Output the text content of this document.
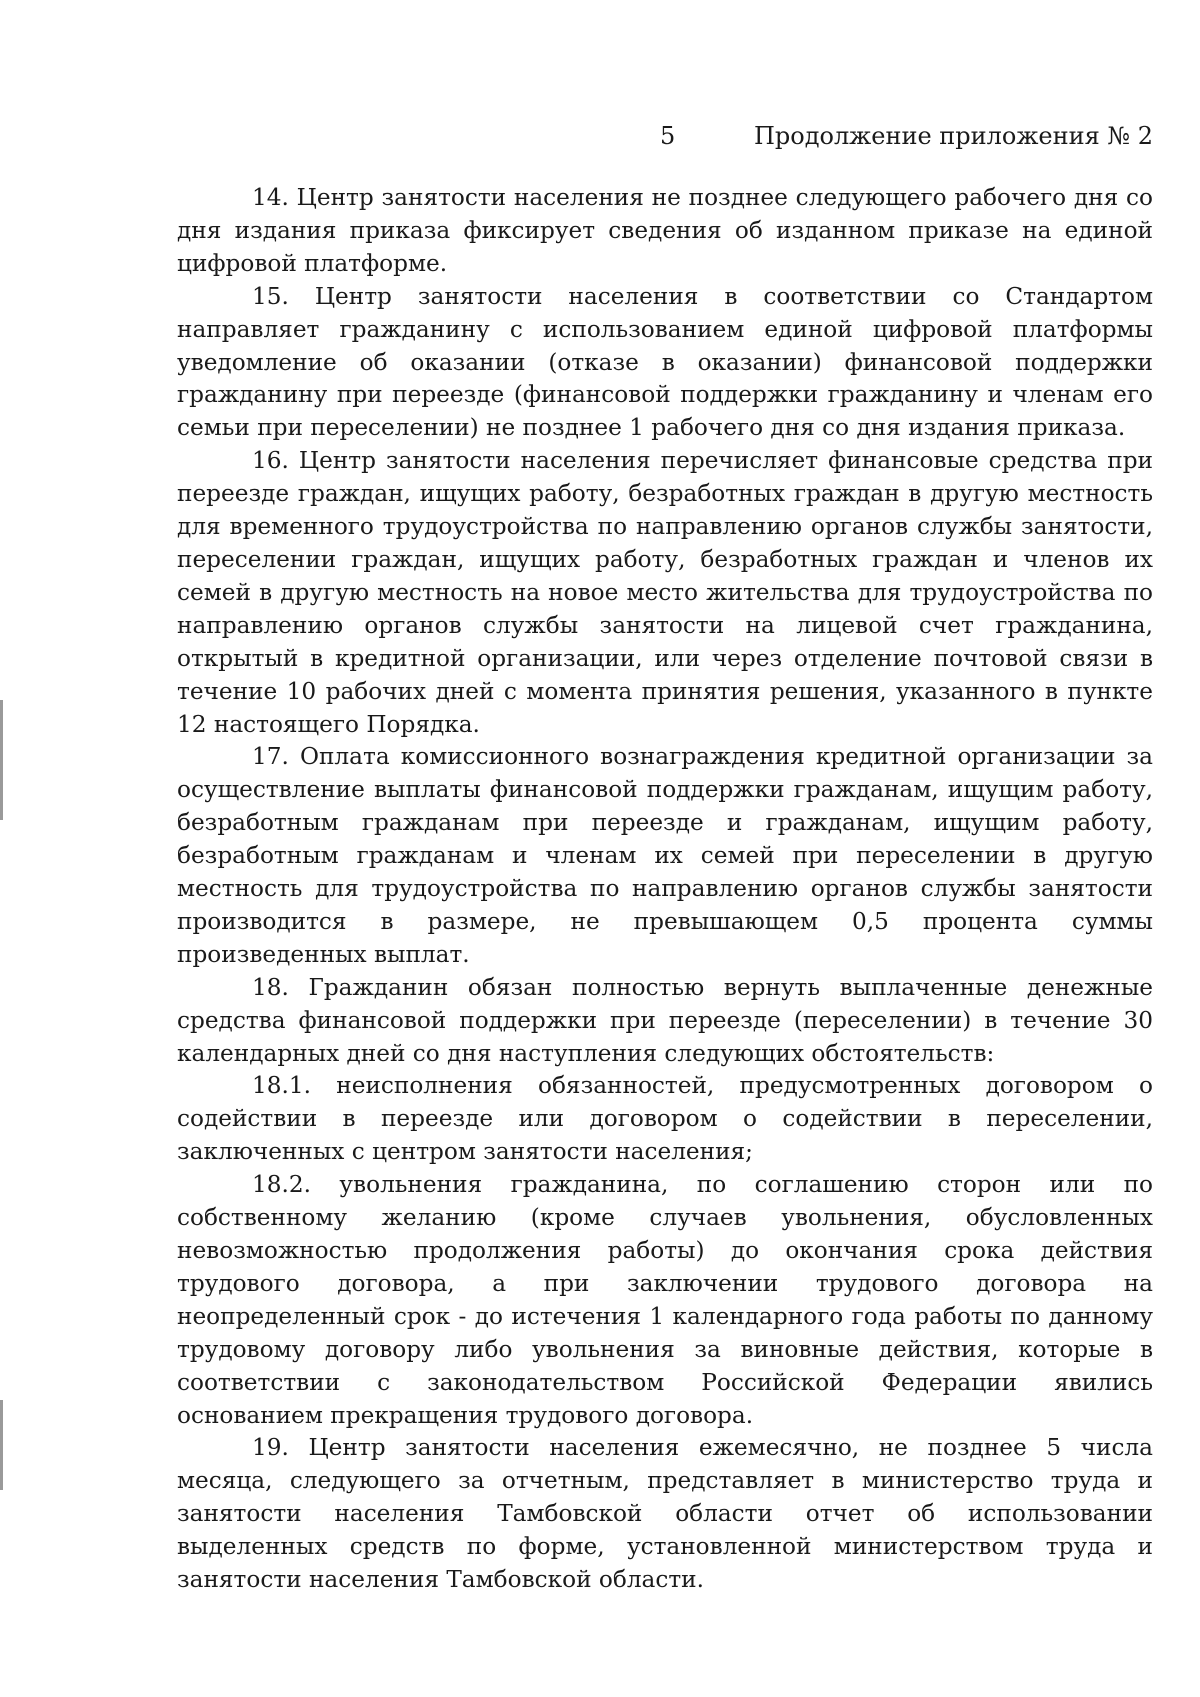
5	Продолжение приложения № 2

14. Центр занятости населения не позднее следующего рабочего дня со дня издания приказа фиксирует сведения об изданном приказе на единой цифровой платформе.

15. Центр занятости населения в соответствии со Стандартом направляет гражданину с использованием единой цифровой платформы уведомление об оказании (отказе в оказании) финансовой поддержки гражданину при переезде (финансовой поддержки гражданину и членам его семьи при переселении) не позднее 1 рабочего дня со дня издания приказа.

16. Центр занятости населения перечисляет финансовые средства при переезде граждан, ищущих работу, безработных граждан в другую местность для временного трудоустройства по направлению органов службы занятости, переселении граждан, ищущих работу, безработных граждан и членов их семей в другую местность на новое место жительства для трудоустройства по направлению органов службы занятости на лицевой счет гражданина, открытый в кредитной организации, или через отделение почтовой связи в течение 10 рабочих дней с момента принятия решения, указанного в пункте 12 настоящего Порядка.

17. Оплата комиссионного вознаграждения кредитной организации за осуществление выплаты финансовой поддержки гражданам, ищущим работу, безработным гражданам при переезде и гражданам, ищущим работу, безработным гражданам и членам их семей при переселении в другую местность для трудоустройства по направлению органов службы занятости производится в размере, не превышающем 0,5 процента суммы произведенных выплат.

18. Гражданин обязан полностью вернуть выплаченные денежные средства финансовой поддержки при переезде (переселении) в течение 30 календарных дней со дня наступления следующих обстоятельств:

18.1. неисполнения обязанностей, предусмотренных договором о содействии в переезде или договором о содействии в переселении, заключенных с центром занятости населения;

18.2. увольнения гражданина, по соглашению сторон или по собственному желанию (кроме случаев увольнения, обусловленных невозможностью продолжения работы) до окончания срока действия трудового договора, а при заключении трудового договора на неопределенный срок - до истечения 1 календарного года работы по данному трудовому договору либо увольнения за виновные действия, которые в соответствии с законодательством Российской Федерации явились основанием прекращения трудового договора.

19. Центр занятости населения ежемесячно, не позднее 5 числа месяца, следующего за отчетным, представляет в министерство труда и занятости населения Тамбовской области отчет об использовании выделенных средств по форме, установленной министерством труда и занятости населения Тамбовской области.
